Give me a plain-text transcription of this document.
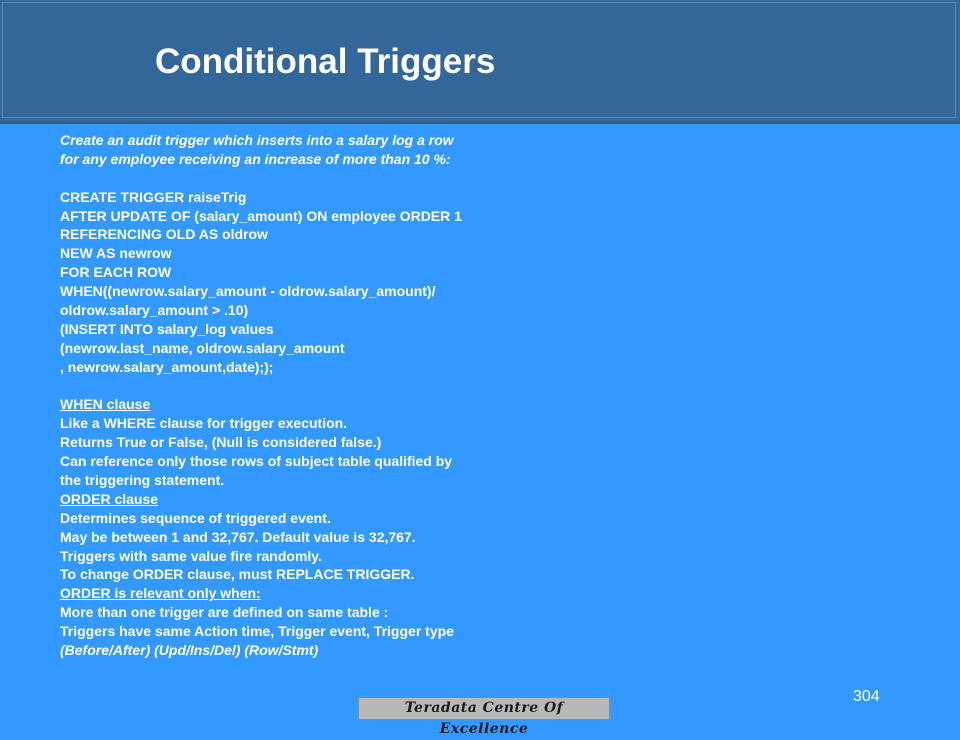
Conditional Triggers
Create an audit trigger which inserts into a salary log a row
for any employee receiving an increase of more than 10 %:
CREATE TRIGGER raiseTrig
AFTER UPDATE OF (salary_amount) ON employee ORDER 1
REFERENCING OLD AS oldrow
NEW AS newrow
FOR EACH ROW
WHEN((newrow.salary_amount - oldrow.salary_amount)/
oldrow.salary_amount > .10)
(INSERT INTO salary_log values
(newrow.last_name, oldrow.salary_amount
, newrow.salary_amount,date););
WHEN clause
Like a WHERE clause for trigger execution.
Returns True or False, (Null is considered false.)
Can reference only those rows of subject table qualified by
the triggering statement.
ORDER clause
Determines sequence of triggered event.
May be between 1 and 32,767. Default value is 32,767.
Triggers with same value fire randomly.
To change ORDER clause, must REPLACE TRIGGER.
ORDER is relevant only when:
More than one trigger are defined on same table :
Triggers have same Action time, Trigger event, Trigger type
(Before/After) (Upd/Ins/Del) (Row/Stmt)
Teradata Centre Of Excellence
304
